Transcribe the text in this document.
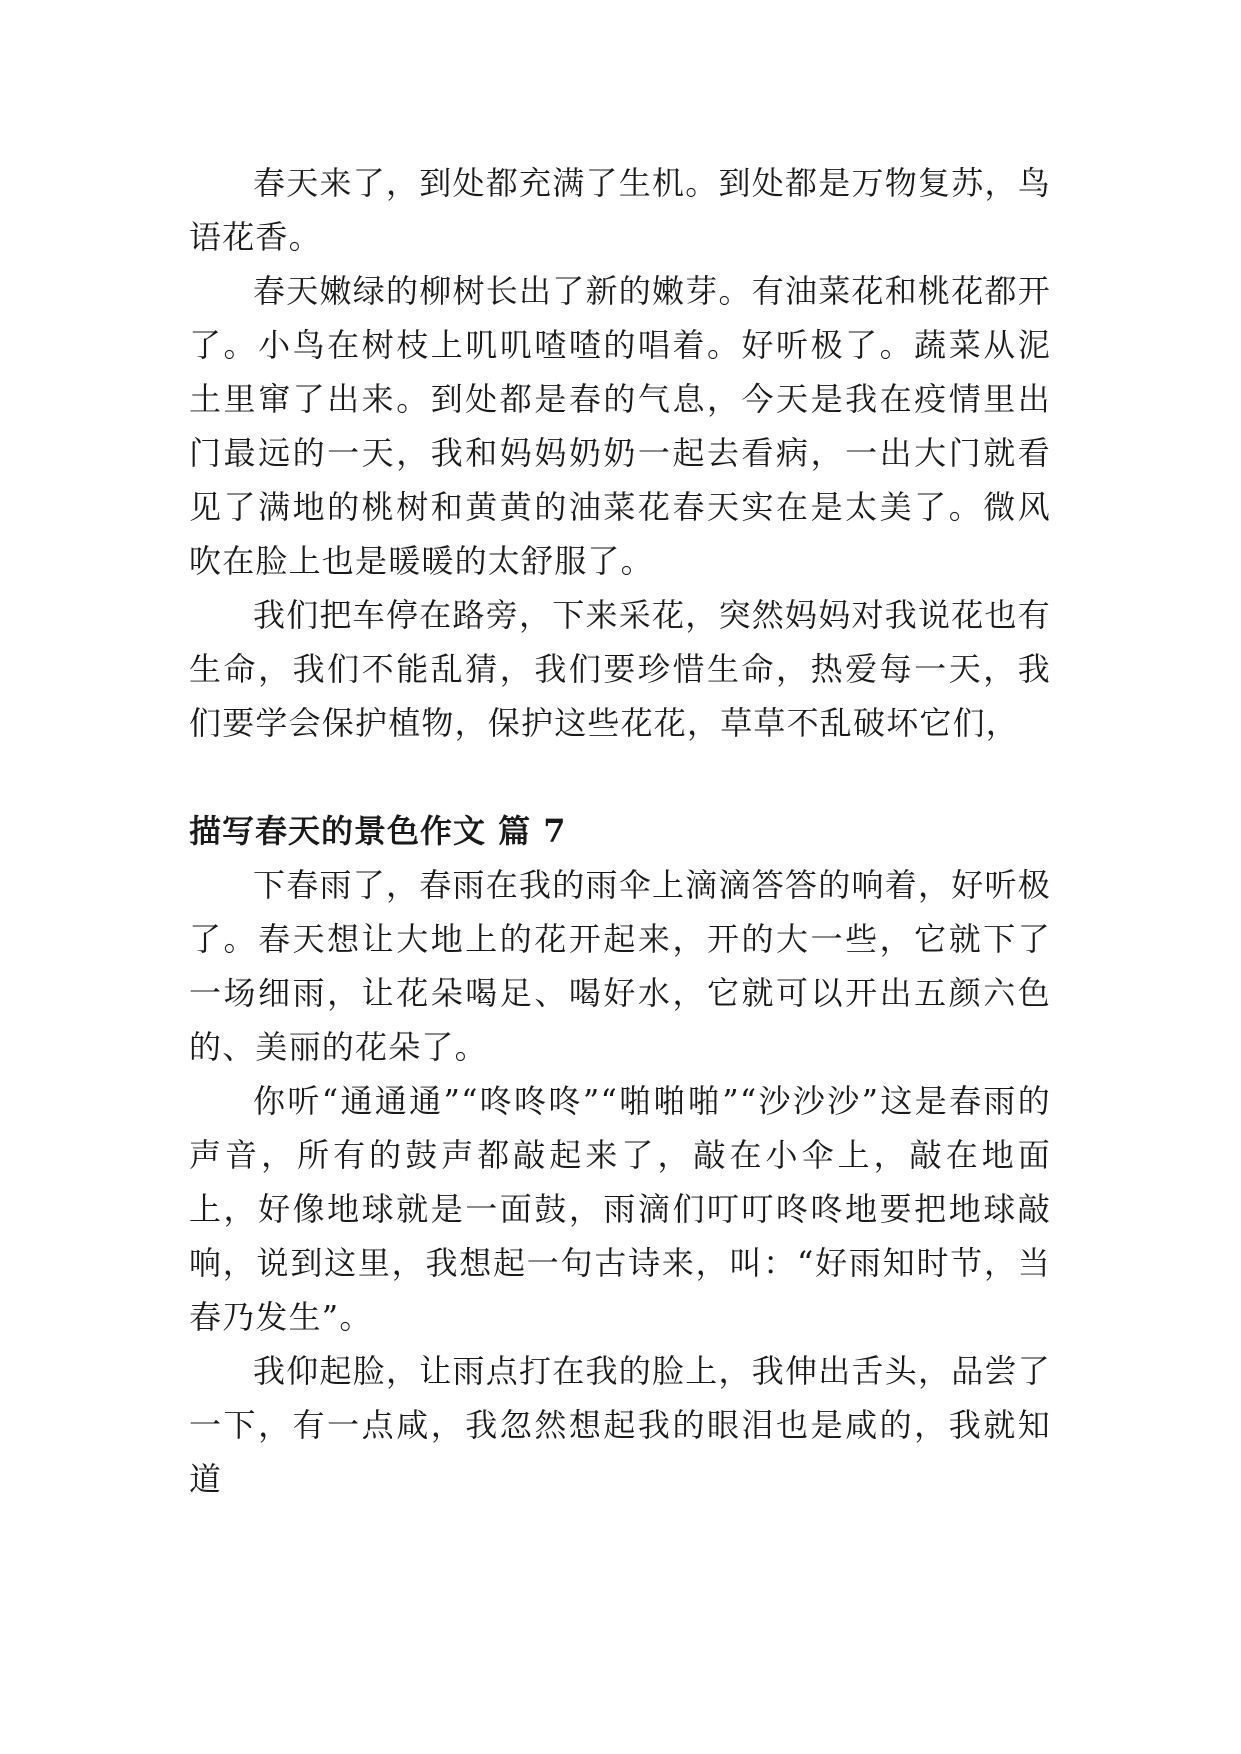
春天来了，到处都充满了生机。到处都是万物复苏，鸟语花香。

春天嫩绿的柳树长出了新的嫩芽。有油菜花和桃花都开了。小鸟在树枝上叽叽喳喳的唱着。好听极了。蔬菜从泥土里窜了出来。到处都是春的气息，今天是我在疫情里出门最远的一天，我和妈妈奶奶一起去看病，一出大门就看见了满地的桃树和黄黄的油菜花春天实在是太美了。微风吹在脸上也是暖暖的太舒服了。

我们把车停在路旁，下来采花，突然妈妈对我说花也有生命，我们不能乱猜，我们要珍惜生命，热爱每一天，我们要学会保护植物，保护这些花花，草草不乱破坏它们，

描写春天的景色作文 篇 7

下春雨了，春雨在我的雨伞上滴滴答答的响着，好听极了。春天想让大地上的花开起来，开的大一些，它就下了一场细雨，让花朵喝足、喝好水，它就可以开出五颜六色的、美丽的花朵了。

你听“通通通”“咚咚咚”“啪啪啪”“沙沙沙”这是春雨的声音，所有的鼓声都敲起来了，敲在小伞上，敲在地面上，好像地球就是一面鼓，雨滴们叮叮咚咚地要把地球敲响，说到这里，我想起一句古诗来，叫：“好雨知时节，当春乃发生”。

我仰起脸，让雨点打在我的脸上，我伸出舌头，品尝了一下，有一点咸，我忽然想起我的眼泪也是咸的，我就知道
